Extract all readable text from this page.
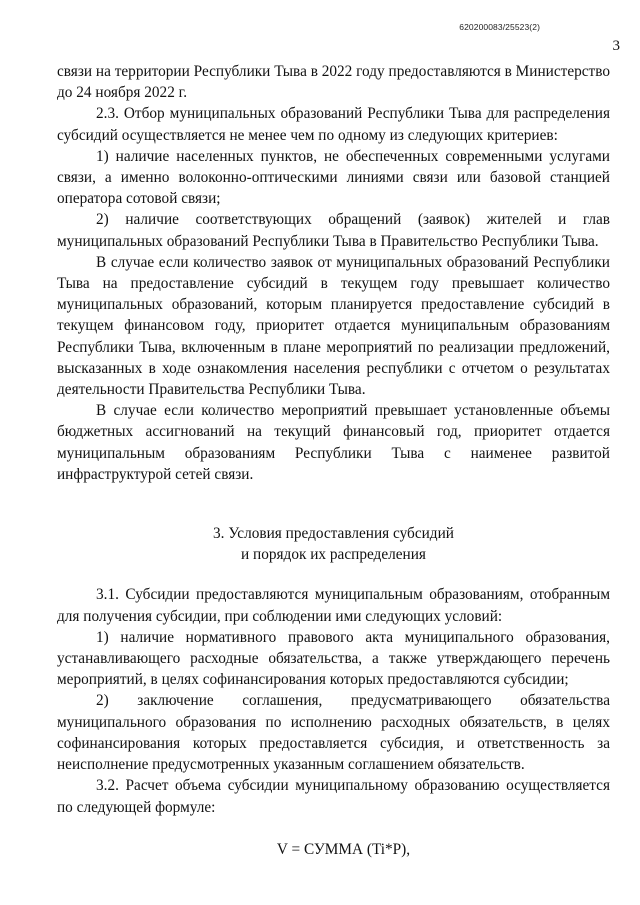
620200083/25523(2)
3

связи на территории Республики Тыва в 2022 году предоставляются в Министерство до 24 ноября 2022 г.

2.3. Отбор муниципальных образований Республики Тыва для распределения субсидий осуществляется не менее чем по одному из следующих критериев:

1) наличие населенных пунктов, не обеспеченных современными услугами связи, а именно волоконно-оптическими линиями связи или базовой станцией оператора сотовой связи;

2) наличие соответствующих обращений (заявок) жителей и глав муниципальных образований Республики Тыва в Правительство Республики Тыва.

В случае если количество заявок от муниципальных образований Республики Тыва на предоставление субсидий в текущем году превышает количество муниципальных образований, которым планируется предоставление субсидий в текущем финансовом году, приоритет отдается муниципальным образованиям Республики Тыва, включенным в плане мероприятий по реализации предложений, высказанных в ходе ознакомления населения республики с отчетом о результатах деятельности Правительства Республики Тыва.

В случае если количество мероприятий превышает установленные объемы бюджетных ассигнований на текущий финансовый год, приоритет отдается муниципальным образованиям Республики Тыва с наименее развитой инфраструктурой сетей связи.

3. Условия предоставления субсидий
и порядок их распределения

3.1. Субсидии предоставляются муниципальным образованиям, отобранным для получения субсидии, при соблюдении ими следующих условий:

1) наличие нормативного правового акта муниципального образования, устанавливающего расходные обязательства, а также утверждающего перечень мероприятий, в целях софинансирования которых предоставляются субсидии;

2) заключение соглашения, предусматривающего обязательства муниципального образования по исполнению расходных обязательств, в целях софинансирования которых предоставляется субсидия, и ответственность за неисполнение предусмотренных указанным соглашением обязательств.

3.2. Расчет объема субсидии муниципальному образованию осуществляется по следующей формуле:

V = СУММА (Ti*P),
